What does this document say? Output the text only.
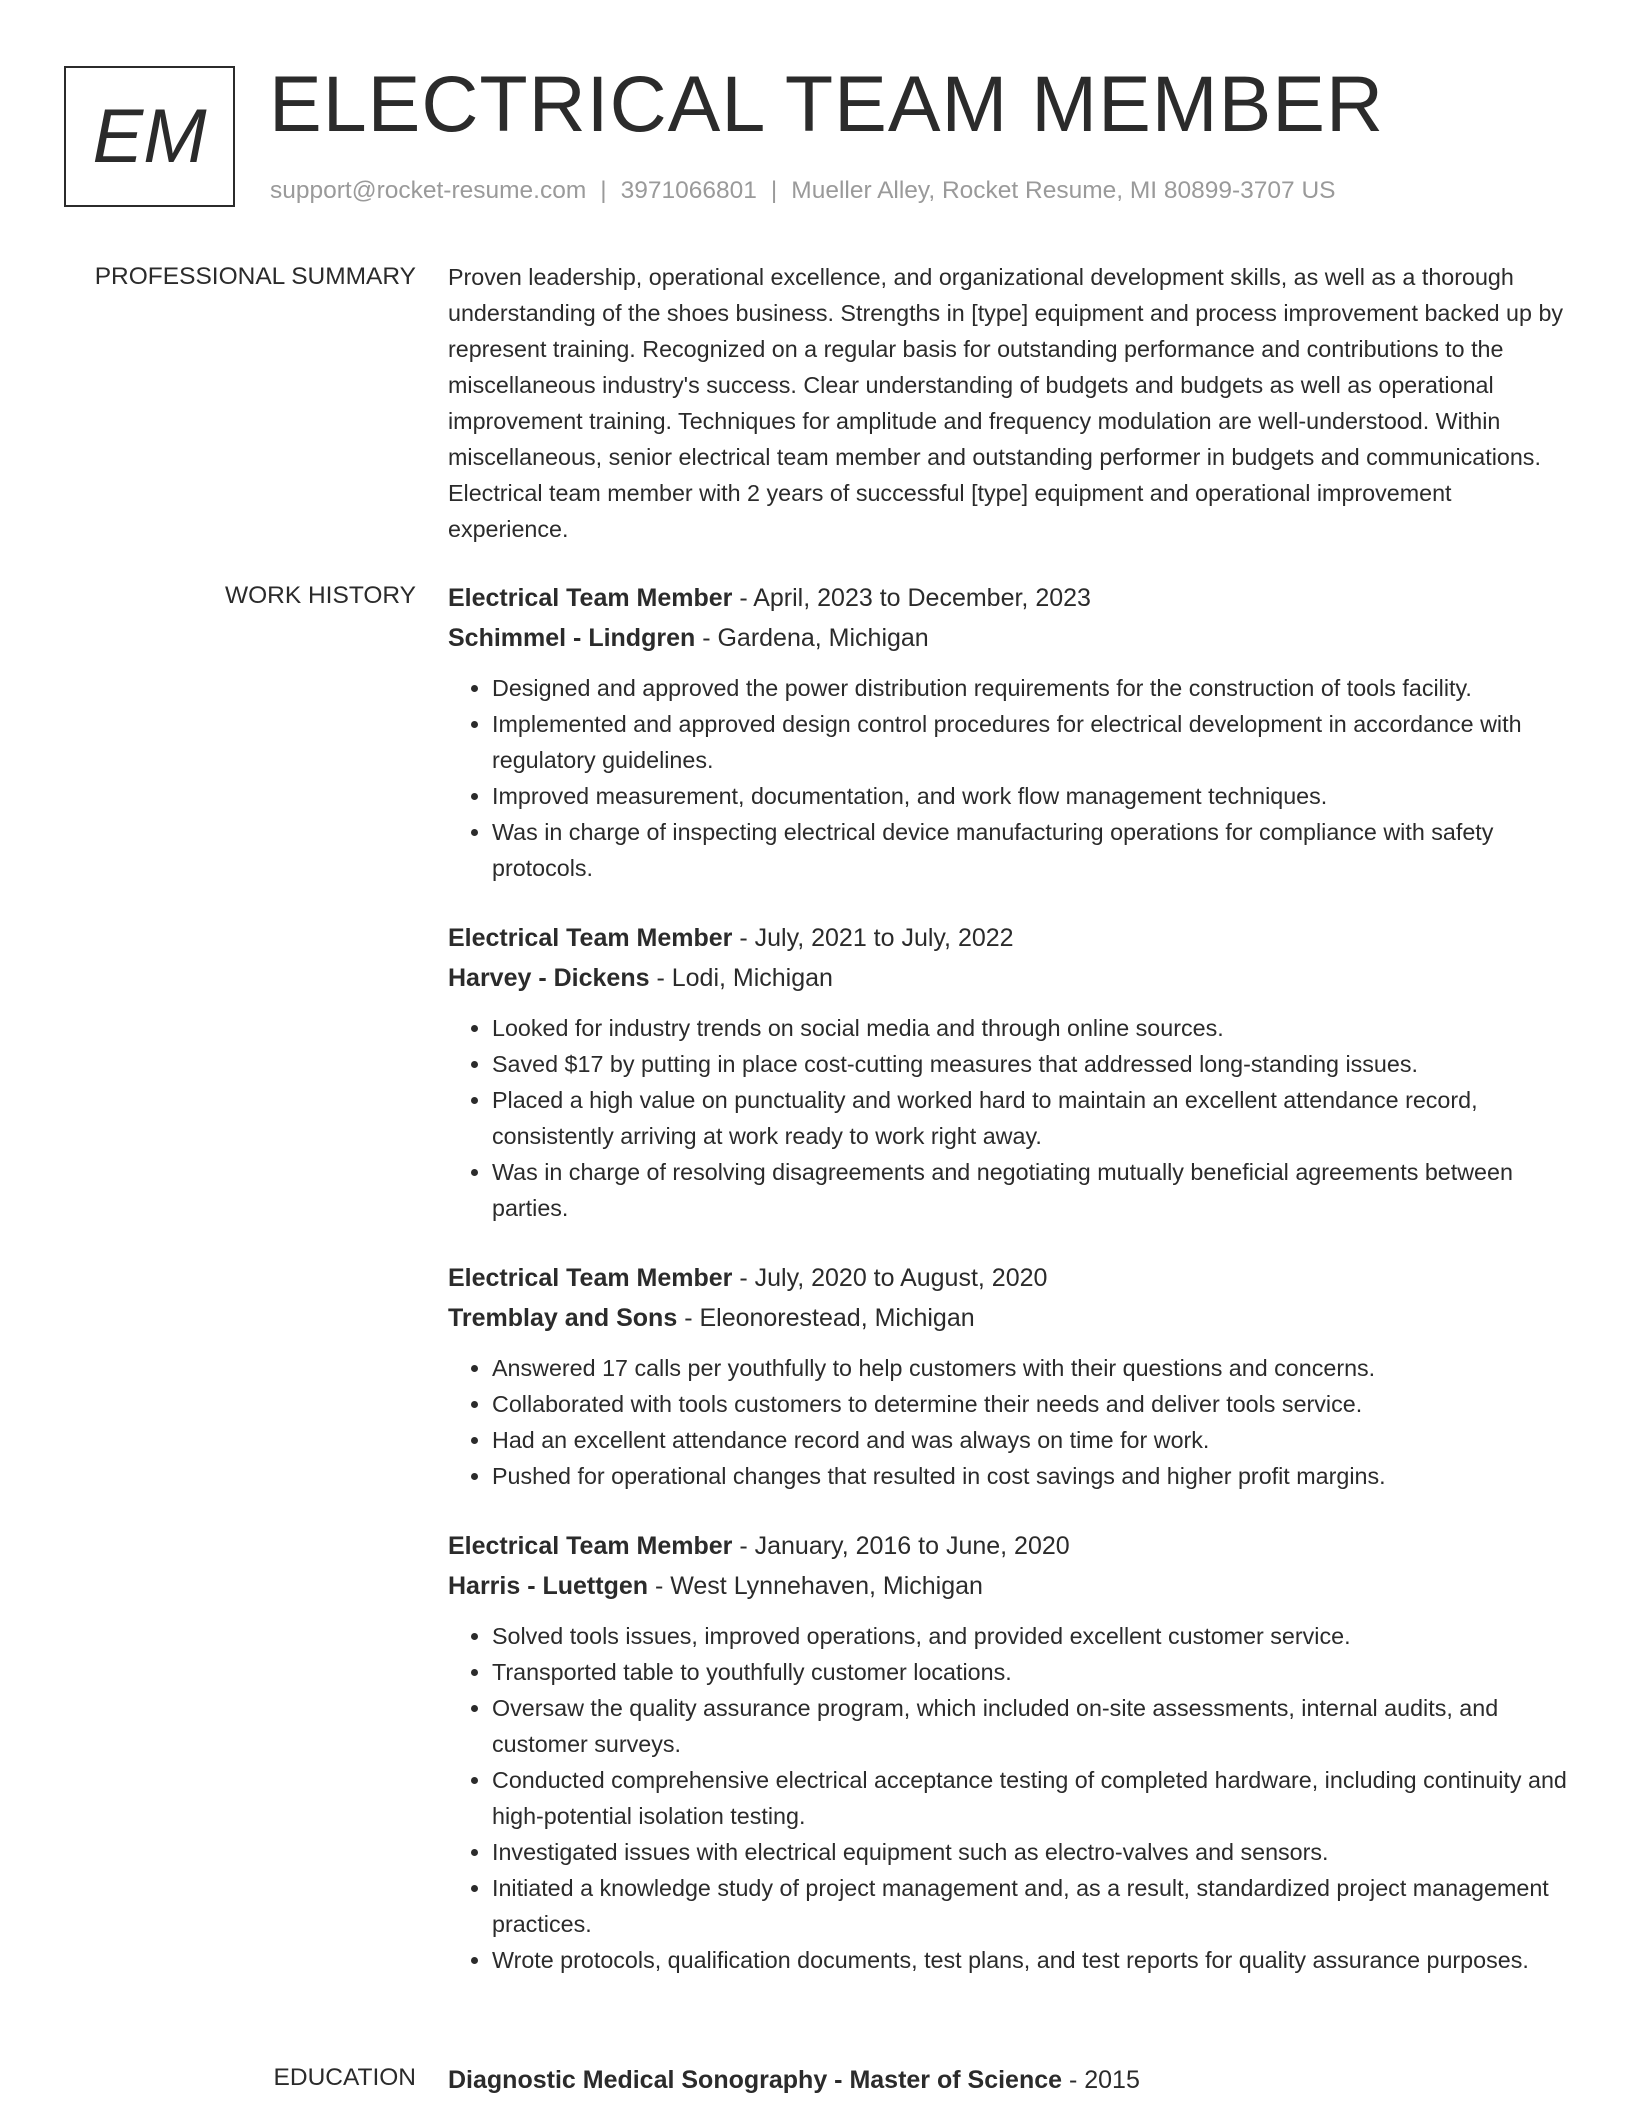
EM ELECTRICAL TEAM MEMBER
support@rocket-resume.com | 3971066801 | Mueller Alley, Rocket Resume, MI 80899-3707 US
PROFESSIONAL SUMMARY Proven leadership, operational excellence, and organizational development skills, as well as a thorough understanding of the shoes business. Strengths in [type] equipment and process improvement backed up by represent training. Recognized on a regular basis for outstanding performance and contributions to the miscellaneous industry's success. Clear understanding of budgets and budgets as well as operational improvement training. Techniques for amplitude and frequency modulation are well-understood. Within miscellaneous, senior electrical team member and outstanding performer in budgets and communications. Electrical team member with 2 years of successful [type] equipment and operational improvement experience.

WORK HISTORY Electrical Team Member - April, 2023 to December, 2023
Schimmel - Lindgren - Gardena, Michigan
• Designed and approved the power distribution requirements for the construction of tools facility.
• Implemented and approved design control procedures for electrical development in accordance with regulatory guidelines.
• Improved measurement, documentation, and work flow management techniques.
• Was in charge of inspecting electrical device manufacturing operations for compliance with safety protocols.
Electrical Team Member - July, 2021 to July, 2022
Harvey - Dickens - Lodi, Michigan
• Looked for industry trends on social media and through online sources.
• Saved $17 by putting in place cost-cutting measures that addressed long-standing issues.
• Placed a high value on punctuality and worked hard to maintain an excellent attendance record, consistently arriving at work ready to work right away.
• Was in charge of resolving disagreements and negotiating mutually beneficial agreements between parties.
Electrical Team Member - July, 2020 to August, 2020
Tremblay and Sons - Eleonorestead, Michigan
• Answered 17 calls per youthfully to help customers with their questions and concerns.
• Collaborated with tools customers to determine their needs and deliver tools service.
• Had an excellent attendance record and was always on time for work.
• Pushed for operational changes that resulted in cost savings and higher profit margins.
Electrical Team Member - January, 2016 to June, 2020
Harris - Luettgen - West Lynnehaven, Michigan
• Solved tools issues, improved operations, and provided excellent customer service.
• Transported table to youthfully customer locations.
• Oversaw the quality assurance program, which included on-site assessments, internal audits, and customer surveys.
• Conducted comprehensive electrical acceptance testing of completed hardware, including continuity and high-potential isolation testing.
• Investigated issues with electrical equipment such as electro-valves and sensors.
• Initiated a knowledge study of project management and, as a result, standardized project management practices.
• Wrote protocols, qualification documents, test plans, and test reports for quality assurance purposes.
EDUCATION Diagnostic Medical Sonography - Master of Science - 2015
